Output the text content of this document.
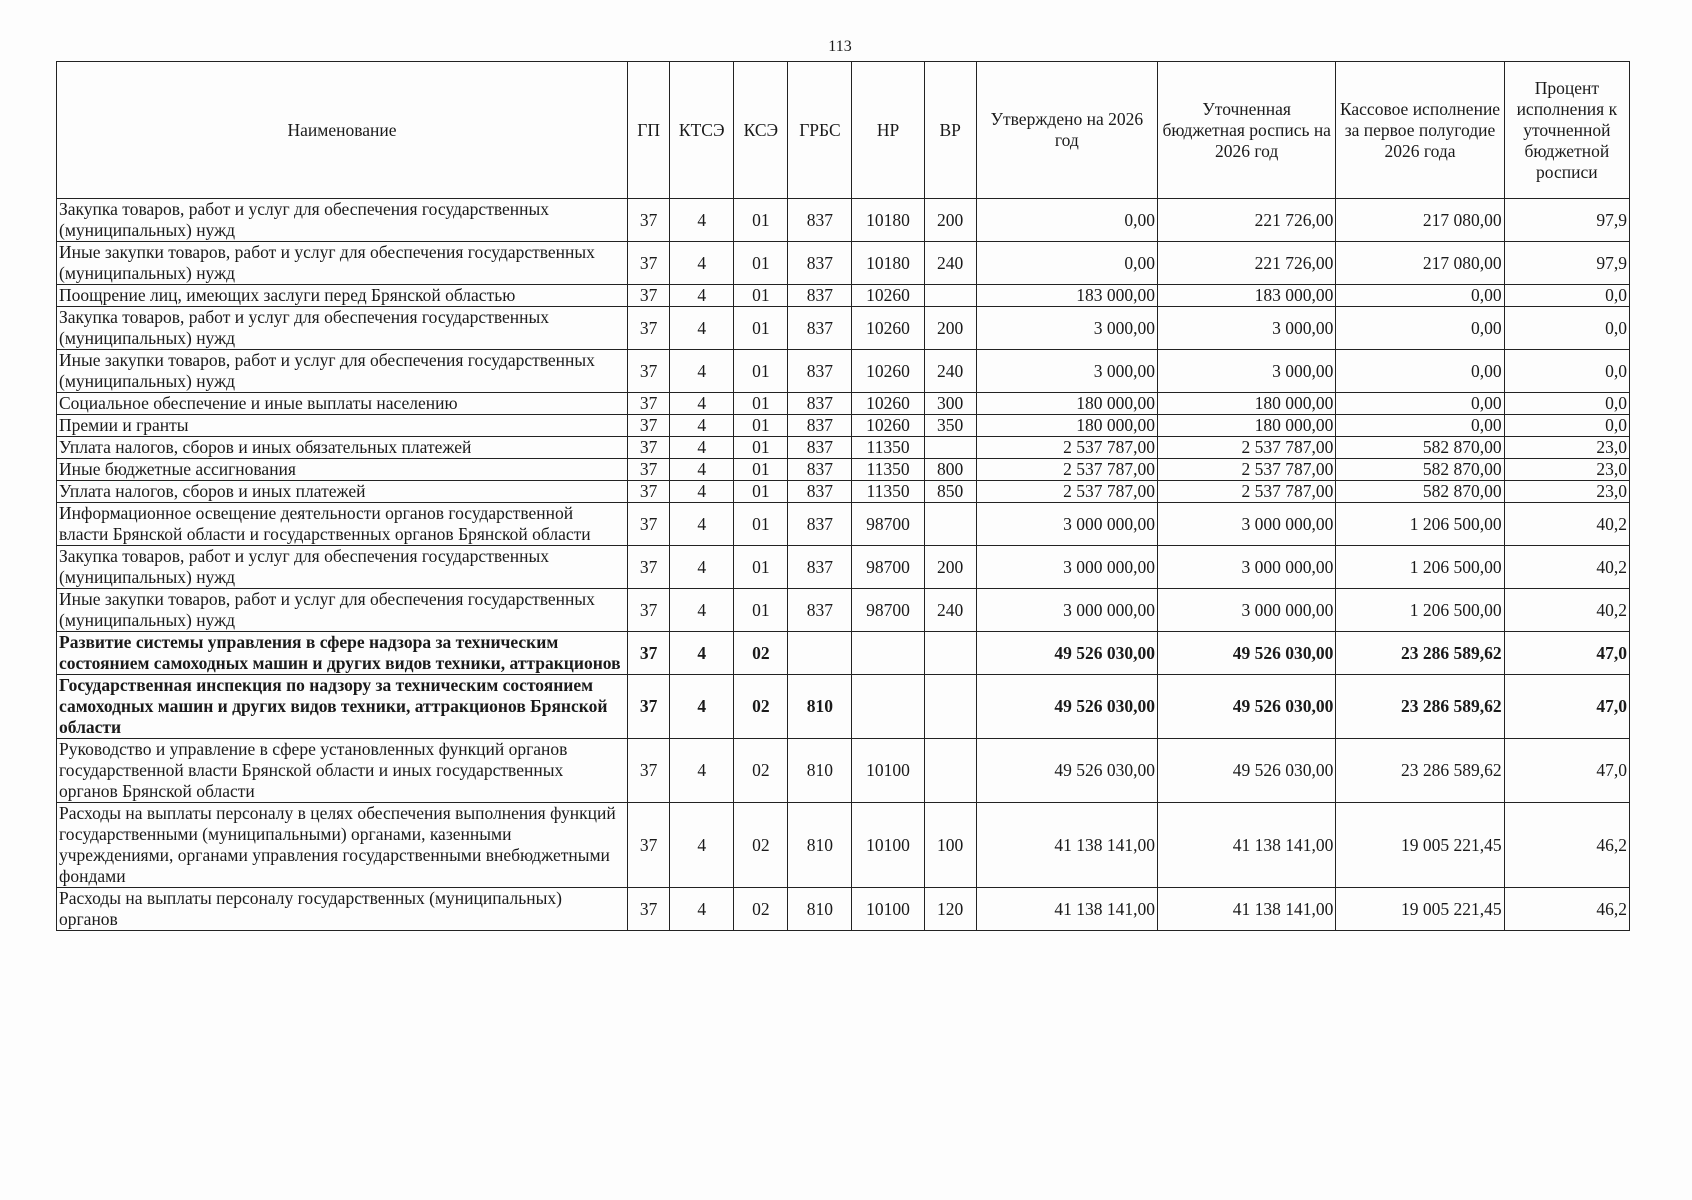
113
Наименование	ГП	КТСЭ	КСЭ	ГРБС	НР	ВР	Утверждено на 2026 год	Уточненная бюджетная роспись на 2026 год	Кассовое исполнение за первое полугодие 2026 года	Процент исполнения к уточненной бюджетной росписи
Закупка товаров, работ и услуг для обеспечения государственных (муниципальных) нужд	37	4	01	837	10180	200	0,00	221 726,00	217 080,00	97,9
Иные закупки товаров, работ и услуг для обеспечения государственных (муниципальных) нужд	37	4	01	837	10180	240	0,00	221 726,00	217 080,00	97,9
Поощрение лиц, имеющих заслуги перед Брянской областью	37	4	01	837	10260		183 000,00	183 000,00	0,00	0,0
Закупка товаров, работ и услуг для обеспечения государственных (муниципальных) нужд	37	4	01	837	10260	200	3 000,00	3 000,00	0,00	0,0
Иные закупки товаров, работ и услуг для обеспечения государственных (муниципальных) нужд	37	4	01	837	10260	240	3 000,00	3 000,00	0,00	0,0
Социальное обеспечение и иные выплаты населению	37	4	01	837	10260	300	180 000,00	180 000,00	0,00	0,0
Премии и гранты	37	4	01	837	10260	350	180 000,00	180 000,00	0,00	0,0
Уплата налогов, сборов и иных обязательных платежей	37	4	01	837	11350		2 537 787,00	2 537 787,00	582 870,00	23,0
Иные бюджетные ассигнования	37	4	01	837	11350	800	2 537 787,00	2 537 787,00	582 870,00	23,0
Уплата налогов, сборов и иных платежей	37	4	01	837	11350	850	2 537 787,00	2 537 787,00	582 870,00	23,0
Информационное освещение деятельности органов государственной власти Брянской области и государственных органов Брянской области	37	4	01	837	98700		3 000 000,00	3 000 000,00	1 206 500,00	40,2
Закупка товаров, работ и услуг для обеспечения государственных (муниципальных) нужд	37	4	01	837	98700	200	3 000 000,00	3 000 000,00	1 206 500,00	40,2
Иные закупки товаров, работ и услуг для обеспечения государственных (муниципальных) нужд	37	4	01	837	98700	240	3 000 000,00	3 000 000,00	1 206 500,00	40,2
Развитие системы управления в сфере надзора за техническим состоянием самоходных машин и других видов техники, аттракционов	37	4	02				49 526 030,00	49 526 030,00	23 286 589,62	47,0
Государственная инспекция по надзору за техническим состоянием самоходных машин и других видов техники, аттракционов Брянской области	37	4	02	810			49 526 030,00	49 526 030,00	23 286 589,62	47,0
Руководство и управление в сфере установленных функций органов государственной власти Брянской области и иных государственных органов Брянской области	37	4	02	810	10100		49 526 030,00	49 526 030,00	23 286 589,62	47,0
Расходы на выплаты персоналу в целях обеспечения выполнения функций государственными (муниципальными) органами, казенными учреждениями, органами управления государственными внебюджетными фондами	37	4	02	810	10100	100	41 138 141,00	41 138 141,00	19 005 221,45	46,2
Расходы на выплаты персоналу государственных (муниципальных) органов	37	4	02	810	10100	120	41 138 141,00	41 138 141,00	19 005 221,45	46,2
